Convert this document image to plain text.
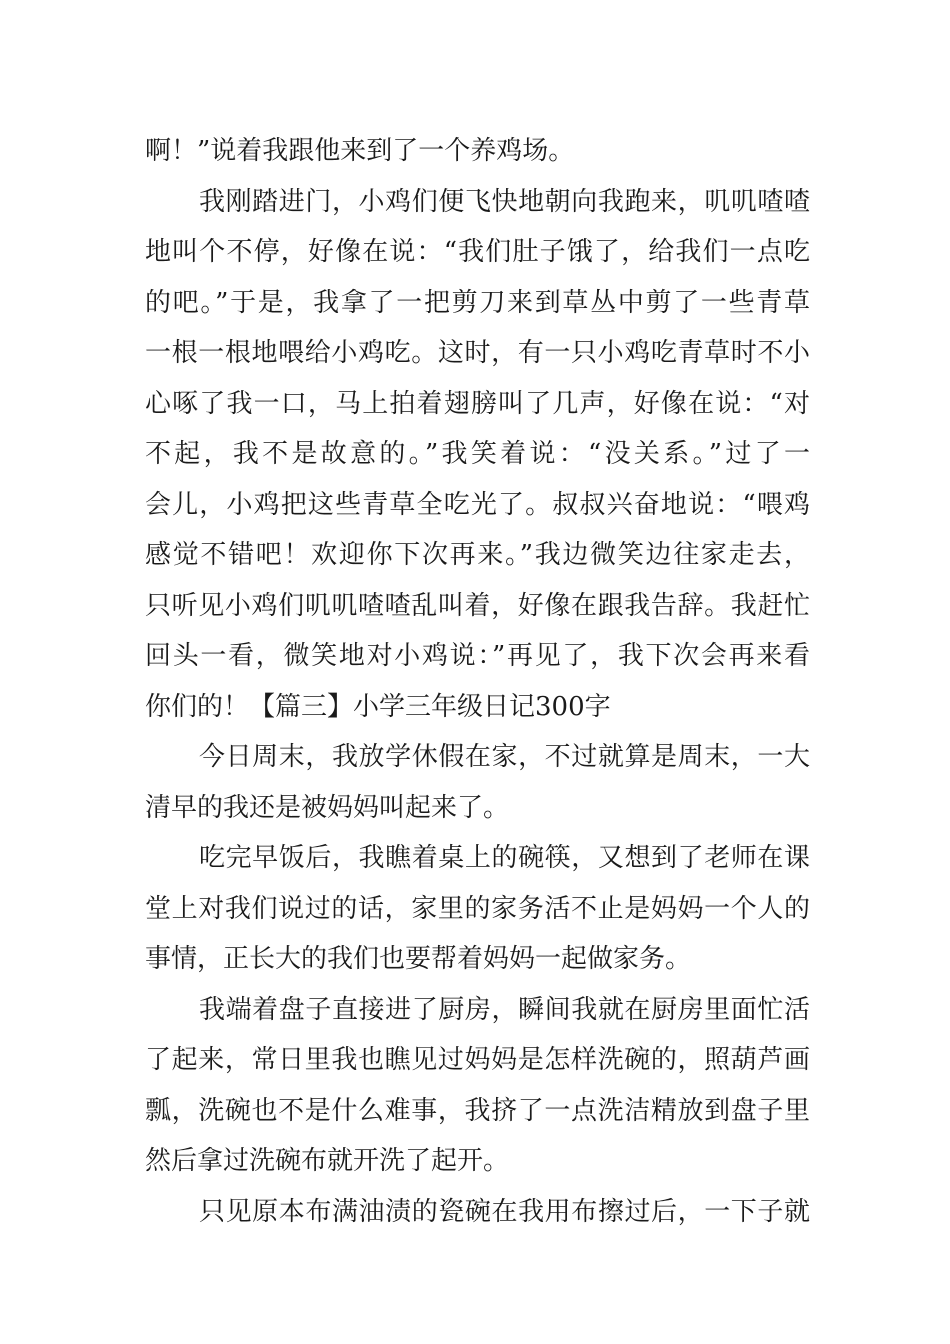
啊！”说着我跟他来到了一个养鸡场。
我刚踏进门，小鸡们便飞快地朝向我跑来，叽叽喳喳
地叫个不停，好像在说：“我们肚子饿了，给我们一点吃
的吧。”于是，我拿了一把剪刀来到草丛中剪了一些青草
一根一根地喂给小鸡吃。这时，有一只小鸡吃青草时不小
心啄了我一口，马上拍着翅膀叫了几声，好像在说：“对
不起，我不是故意的。”我笑着说：“没关系。”过了一
会儿，小鸡把这些青草全吃光了。叔叔兴奋地说：“喂鸡
感觉不错吧！欢迎你下次再来。”我边微笑边往家走去，
只听见小鸡们叽叽喳喳乱叫着，好像在跟我告辞。我赶忙
回头一看，微笑地对小鸡说：”再见了，我下次会再来看
你们的！【篇三】小学三年级日记300字
今日周末，我放学休假在家，不过就算是周末，一大
清早的我还是被妈妈叫起来了。
吃完早饭后，我瞧着桌上的碗筷，又想到了老师在课
堂上对我们说过的话，家里的家务活不止是妈妈一个人的
事情，正长大的我们也要帮着妈妈一起做家务。
我端着盘子直接进了厨房，瞬间我就在厨房里面忙活
了起来，常日里我也瞧见过妈妈是怎样洗碗的，照葫芦画
瓢，洗碗也不是什么难事，我挤了一点洗洁精放到盘子里
然后拿过洗碗布就开洗了起开。
只见原本布满油渍的瓷碗在我用布擦过后，一下子就
